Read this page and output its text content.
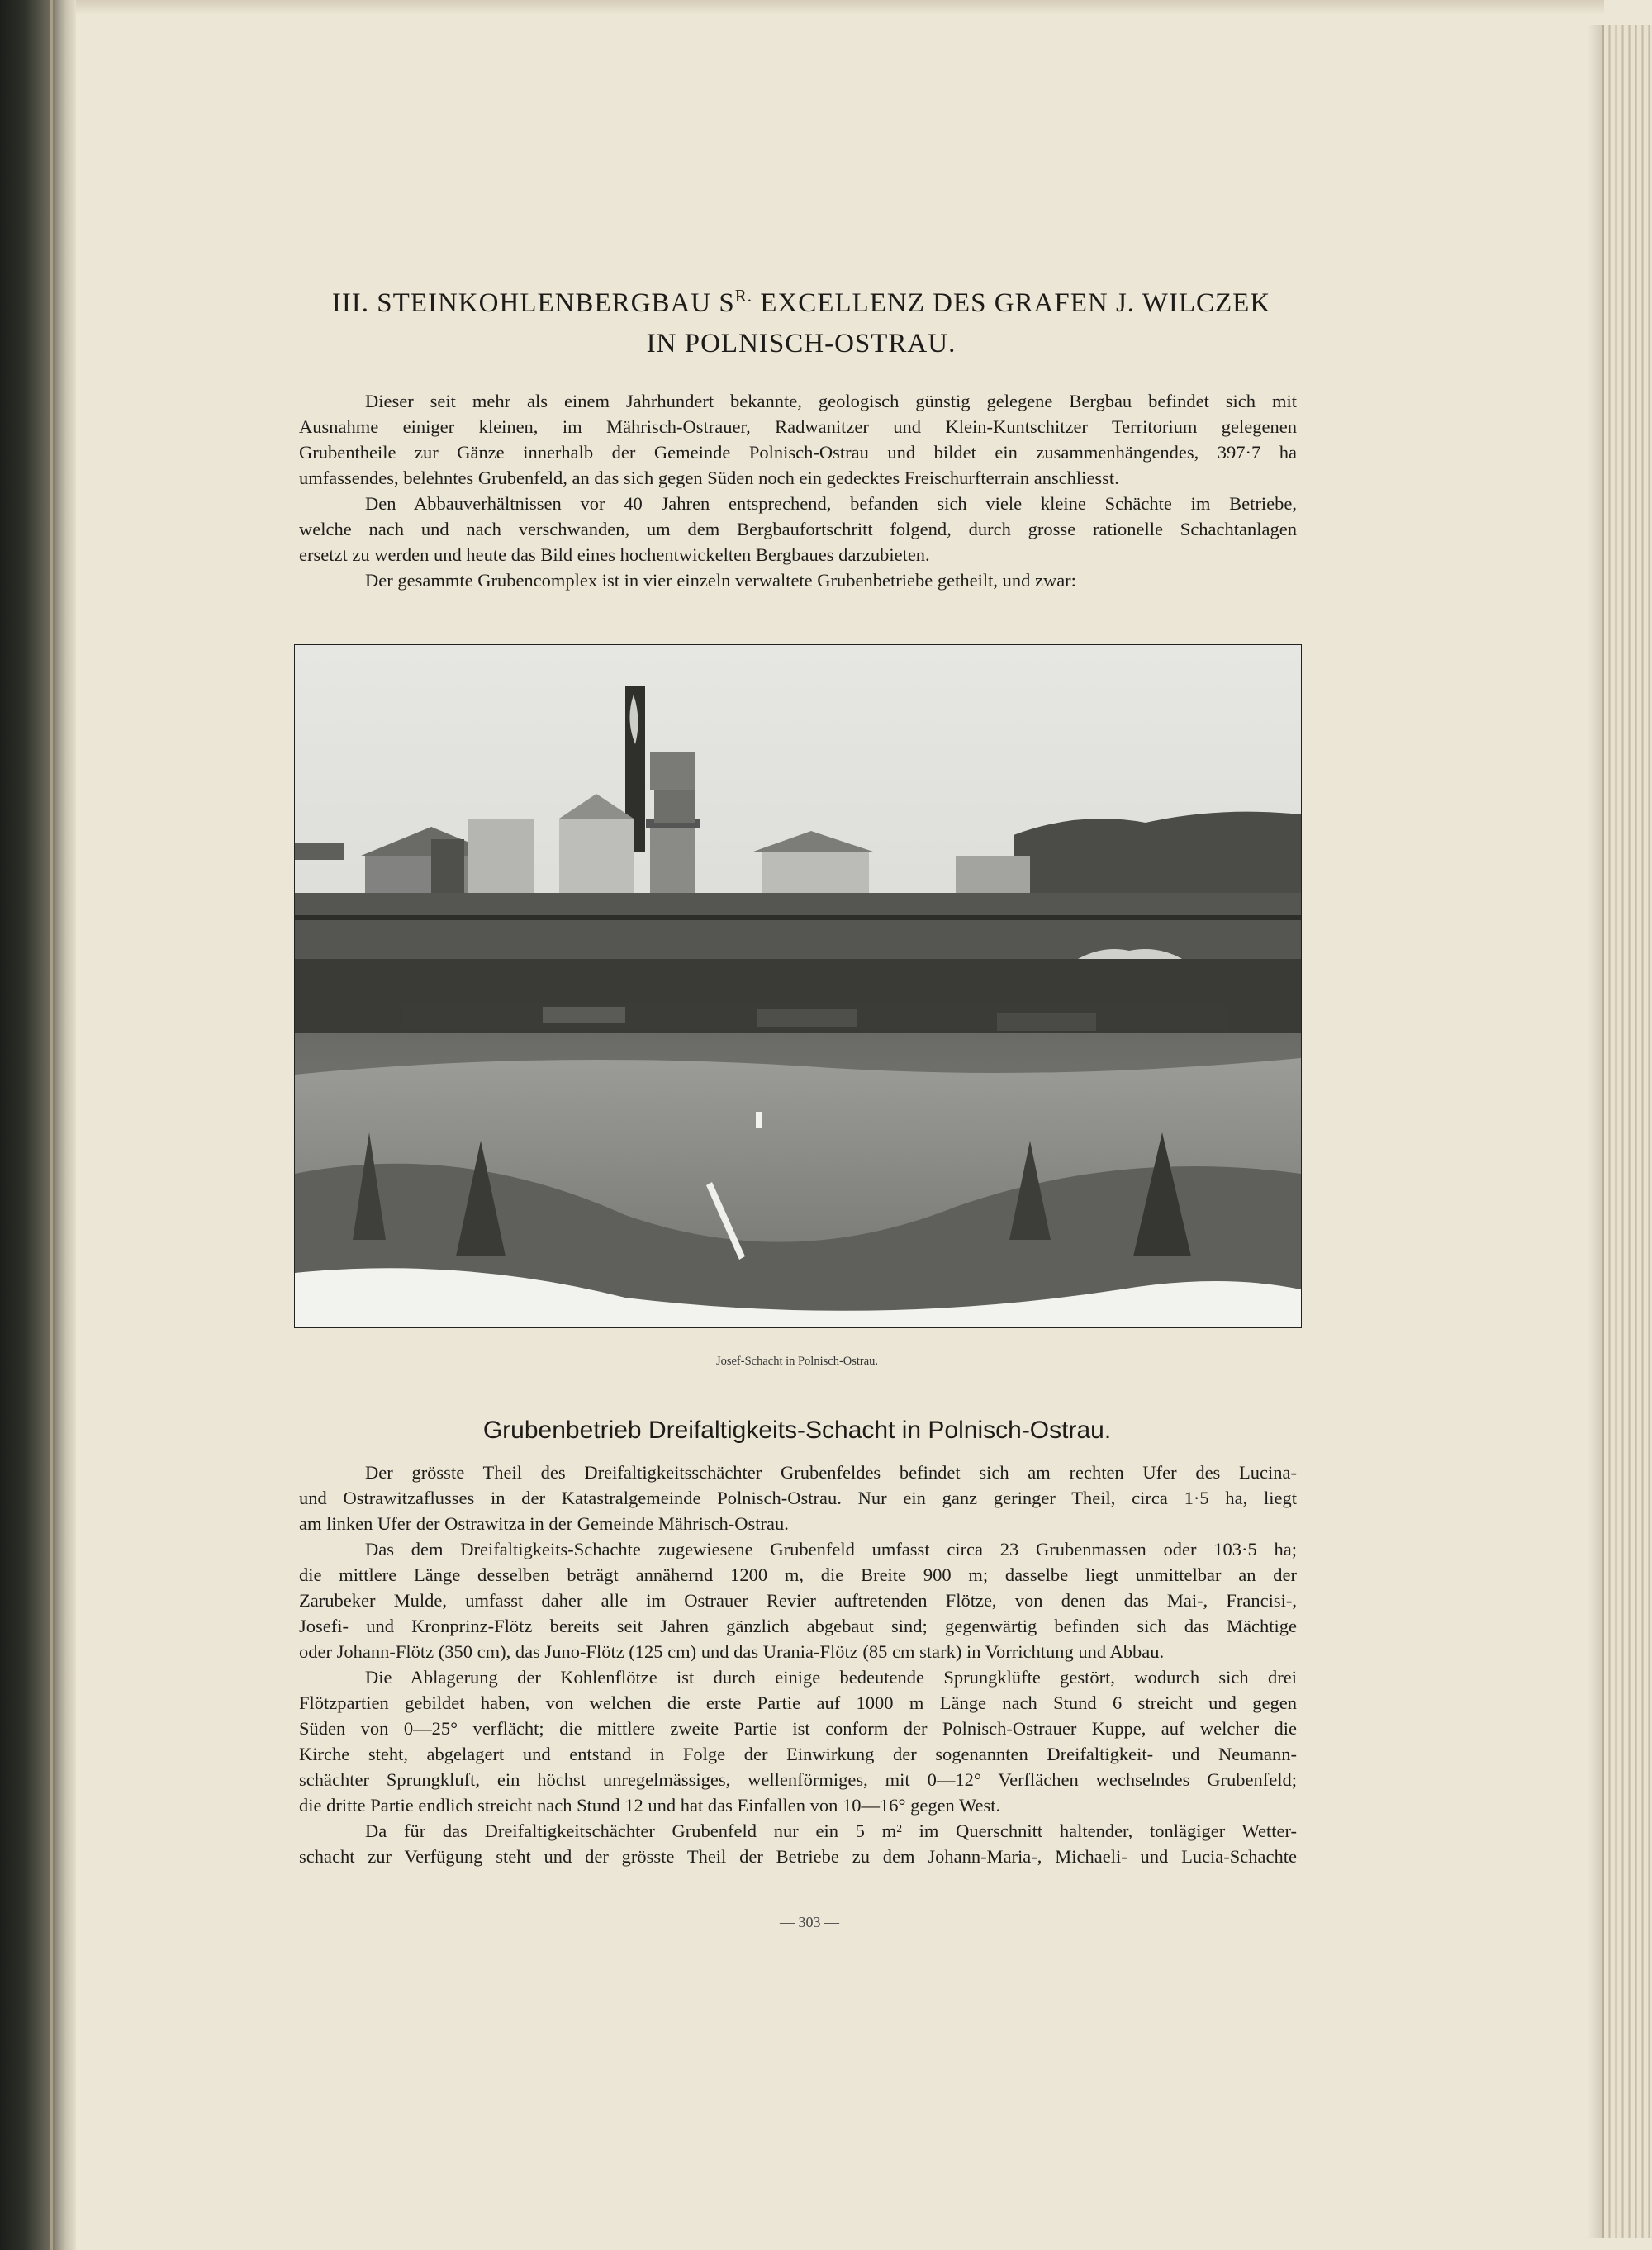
III. STEINKOHLENBERGBAU $S^{R.}$ EXCELLENZ DES GRAFEN J. WILCZEK
IN POLNISCH-OSTRAU.
Dieser seit mehr als einem Jahrhundert bekannte, geologisch günstig gelegene Bergbau befindet sich mit
Ausnahme einiger kleinen, im Mährisch-Ostrauer, Radwanitzer und Klein-Kuntschitzer Territorium gelegenen
Grubentheile zur Gänze innerhalb der Gemeinde Polnisch-Ostrau und bildet ein zusammenhängendes, 397·7 ha
umfassendes, belehntes Grubenfeld, an das sich gegen Süden noch ein gedecktes Freischurfterrain anschliesst.
Den Abbauverhältnissen vor 40 Jahren entsprechend, befanden sich viele kleine Schächte im Betriebe,
welche nach und nach verschwanden, um dem Bergbaufortschritt folgend, durch grosse rationelle Schachtanlagen
ersetzt zu werden und heute das Bild eines hochentwickelten Bergbaues darzubieten.
Der gesammte Grubencomplex ist in vier einzeln verwaltete Grubenbetriebe getheilt, und zwar:
Josef-Schacht in Polnisch-Ostrau.
Grubenbetrieb Dreifaltigkeits-Schacht in Polnisch-Ostrau.
Der grösste Theil des Dreifaltigkeitsschächter Grubenfeldes befindet sich am rechten Ufer des Lucina-
und Ostrawitzaflusses in der Katastralgemeinde Polnisch-Ostrau. Nur ein ganz geringer Theil, circa 1·5 ha, liegt
am linken Ufer der Ostrawitza in der Gemeinde Mährisch-Ostrau.
Das dem Dreifaltigkeits-Schachte zugewiesene Grubenfeld umfasst circa 23 Grubenmassen oder 103·5 ha;
die mittlere Länge desselben beträgt annähernd 1200 m, die Breite 900 m; dasselbe liegt unmittelbar an der
Zarubeker Mulde, umfasst daher alle im Ostrauer Revier auftretenden Flötze, von denen das Mai-, Francisi-,
Josefi- und Kronprinz-Flötz bereits seit Jahren gänzlich abgebaut sind; gegenwärtig befinden sich das Mächtige
oder Johann-Flötz (350 cm), das Juno-Flötz (125 cm) und das Urania-Flötz (85 cm stark) in Vorrichtung und Abbau.
Die Ablagerung der Kohlenflötze ist durch einige bedeutende Sprungklüfte gestört, wodurch sich drei
Flötzpartien gebildet haben, von welchen die erste Partie auf 1000 m Länge nach Stund 6 streicht und gegen
Süden von 0—25° verflächt; die mittlere zweite Partie ist conform der Polnisch-Ostrauer Kuppe, auf welcher die
Kirche steht, abgelagert und entstand in Folge der Einwirkung der sogenannten Dreifaltigkeit- und Neumann-
schächter Sprungkluft, ein höchst unregelmässiges, wellenförmiges, mit 0—12° Verflächen wechselndes Grubenfeld;
die dritte Partie endlich streicht nach Stund 12 und hat das Einfallen von 10—16° gegen West.
Da für das Dreifaltigkeitschächter Grubenfeld nur ein 5 m² im Querschnitt haltender, tonlägiger Wetter-
schacht zur Verfügung steht und der grösste Theil der Betriebe zu dem Johann-Maria-, Michaeli- und Lucia-Schachte
— 303 —
